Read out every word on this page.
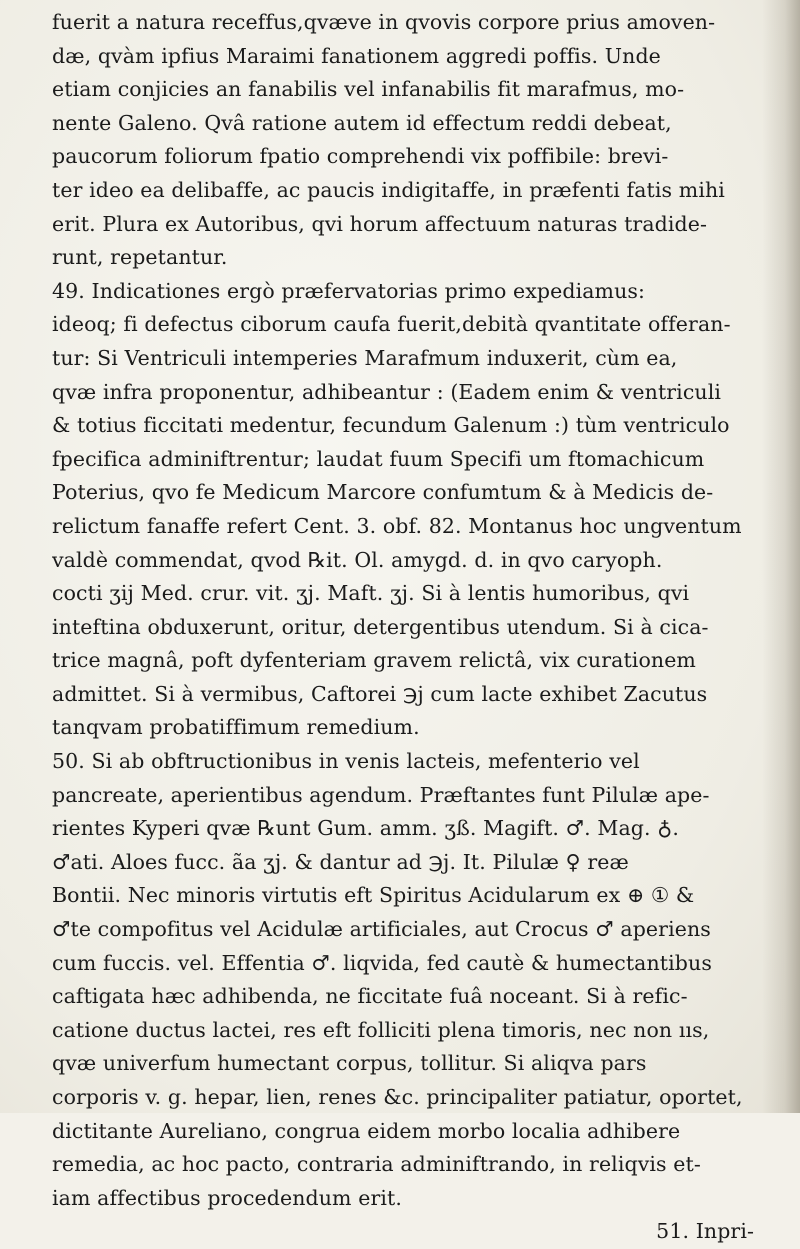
fuerit a natura receffus,qvæve in qvovis corpore prius amoven-
dæ, qvàm ipfius Maraimi fanationem aggredi poffis. Unde
etiam conjicies an fanabilis vel infanabilis fit marafmus, mo-
nente Galeno. Qvâ ratione autem id effectum reddi debeat,
paucorum foliorum fpatio comprehendi vix poffibile: brevi-
ter ideo ea delibaffe, ac paucis indigitaffe, in præfenti fatis mihi
erit. Plura ex Autoribus, qvi horum affectuum naturas tradide-
runt, repetantur.
49. Indicationes ergò præfervatorias primo expediamus:
ideoq; fi defectus ciborum caufa fuerit,debità qvantitate offeran-
tur: Si Ventriculi intemperies Marafmum induxerit, cùm ea,
qvæ infra proponentur, adhibeantur : (Eadem enim & ventriculi
& totius ficcitati medentur, fecundum Galenum :) tùm ventriculo
fpecifica adminiftrentur; laudat fuum Specifi um ftomachicum
Poterius, qvo fe Medicum Marcore confumtum & à Medicis de-
relictum fanaffe refert Cent. 3. obf. 82. Montanus hoc ungventum
valdè commendat, qvod ℞it. Ol. amygd. d. in qvo caryoph.
cocti ʒij Med. crur. vit. ʒj. Maft. ʒj. Si à lentis humoribus, qvi
inteftina obduxerunt, oritur, detergentibus utendum. Si à cica-
trice magnâ, poft dyfenteriam gravem relictâ, vix curationem
admittet. Si à vermibus, Caftorei ℈j cum lacte exhibet Zacutus
tanqvam probatiffimum remedium.
50. Si ab obftructionibus in venis lacteis, mefenterio vel
pancreate, aperientibus agendum. Præftantes funt Pilulæ ape-
rientes Kyperi qvæ ℞unt Gum. amm. ʒß. Magift. ♂. Mag. ♁.
♂ati. Aloes fucc. ãa ʒj. & dantur ad ℈j. It. Pilulæ ♀ reæ
Bontii. Nec minoris virtutis eft Spiritus Acidularum ex ⊕ ① &
♂te compofitus vel Acidulæ artificiales, aut Crocus ♂ aperiens
cum fuccis. vel. Effentia ♂. liqvida, fed cautè & humectantibus
caftigata hæc adhibenda, ne ficcitate fuâ noceant. Si à refic-
catione ductus lactei, res eft folliciti plena timoris, nec non ııs,
qvæ univerfum humectant corpus, tollitur. Si aliqva pars
corporis v. g. hepar, lien, renes &c. principaliter patiatur, oportet,
dictitante Aureliano, congrua eidem morbo localia adhibere
remedia, ac hoc pacto, contraria adminiftrando, in reliqvis et-
iam affectibus procedendum erit.
51. Inpri-
